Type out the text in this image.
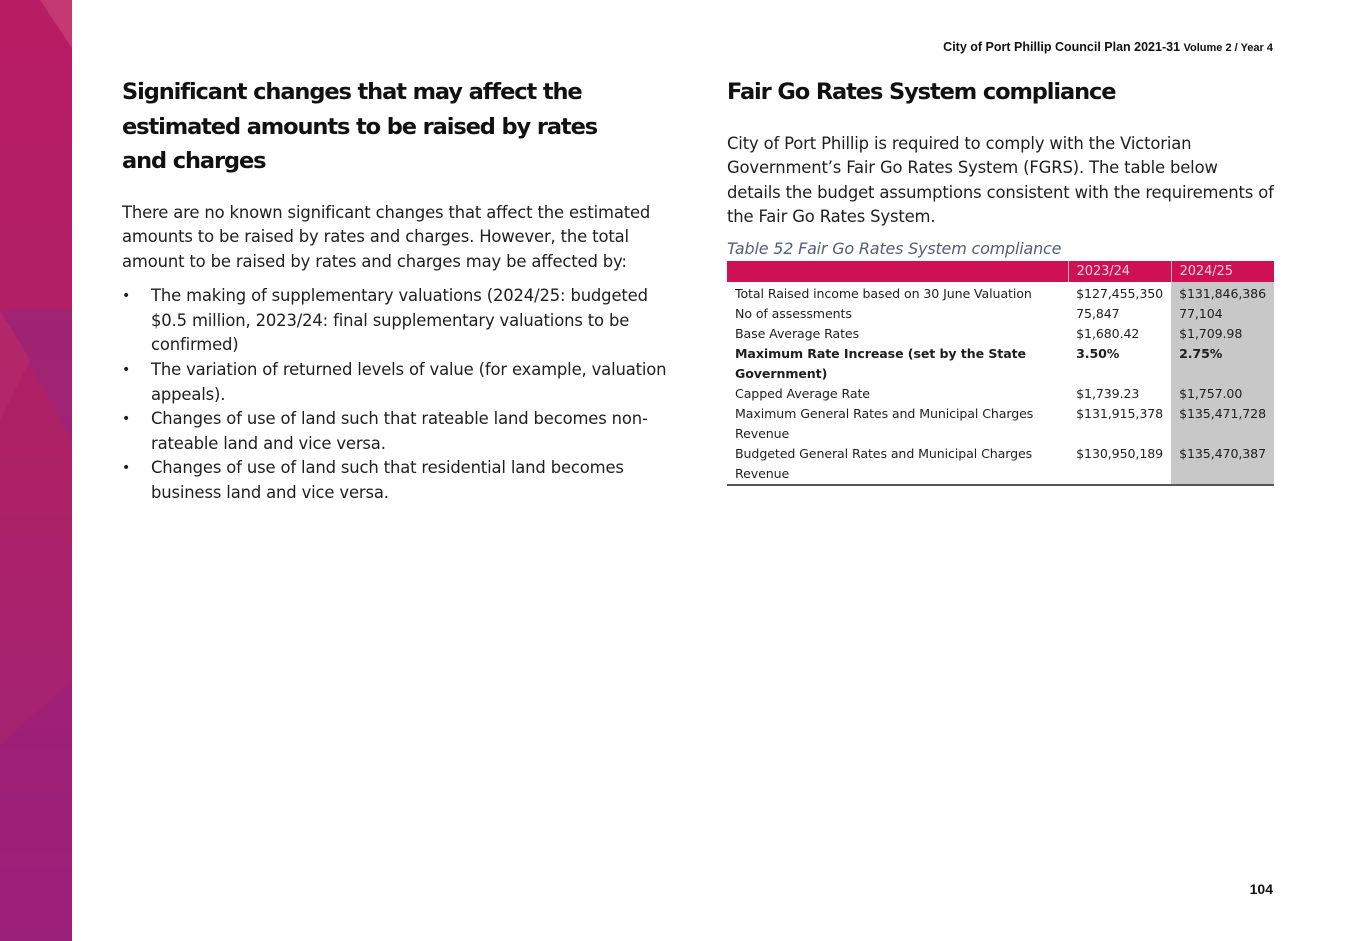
City of Port Phillip Council Plan 2021-31 Volume 2 / Year 4
Significant changes that may affect the estimated amounts to be raised by rates and charges
There are no known significant changes that affect the estimated amounts to be raised by rates and charges. However, the total amount to be raised by rates and charges may be affected by:
• The making of supplementary valuations (2024/25: budgeted $0.5 million, 2023/24: final supplementary valuations to be confirmed)
• The variation of returned levels of value (for example, valuation appeals).
• Changes of use of land such that rateable land becomes non-rateable land and vice versa.
• Changes of use of land such that residential land becomes business land and vice versa.
Fair Go Rates System compliance
City of Port Phillip is required to comply with the Victorian Government’s Fair Go Rates System (FGRS). The table below details the budget assumptions consistent with the requirements of the Fair Go Rates System.
Table 52 Fair Go Rates System compliance
	2023/24	2024/25
Total Raised income based on 30 June Valuation	$127,455,350	$131,846,386
No of assessments	75,847	77,104
Base Average Rates	$1,680.42	$1,709.98
Maximum Rate Increase (set by the State Government)	3.50%	2.75%
Capped Average Rate	$1,739.23	$1,757.00
Maximum General Rates and Municipal Charges Revenue	$131,915,378	$135,471,728
Budgeted General Rates and Municipal Charges Revenue	$130,950,189	$135,470,387
104
